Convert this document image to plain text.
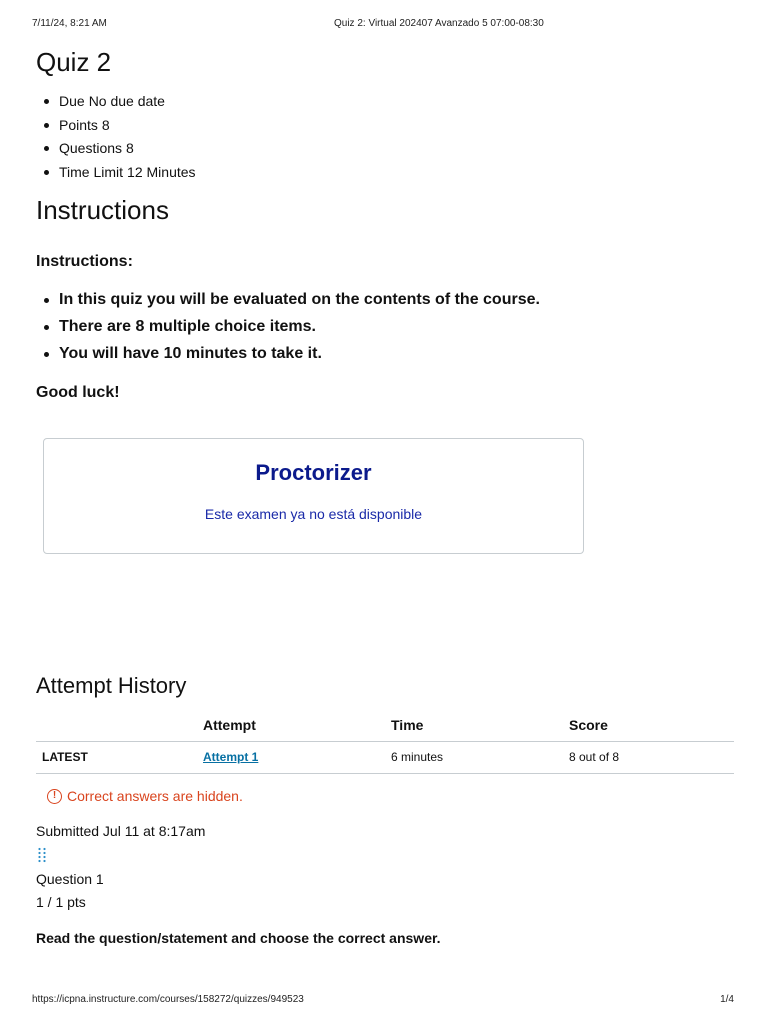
7/11/24, 8:21 AM	Quiz 2: Virtual 202407 Avanzado 5 07:00-08:30
Quiz 2
Due No due date
Points 8
Questions 8
Time Limit 12 Minutes
Instructions
Instructions:
In this quiz you will be evaluated on the contents of the course.
There are 8 multiple choice items.
You will have 10 minutes to take it.
Good luck!
Proctorizer
Este examen ya no está disponible
Attempt History
	Attempt	Time	Score
LATEST	Attempt 1	6 minutes	8 out of 8
! Correct answers are hidden.
Submitted Jul 11 at 8:17am
Question 1
1 / 1 pts
Read the question/statement and choose the correct answer.
https://icpna.instructure.com/courses/158272/quizzes/949523	1/4
